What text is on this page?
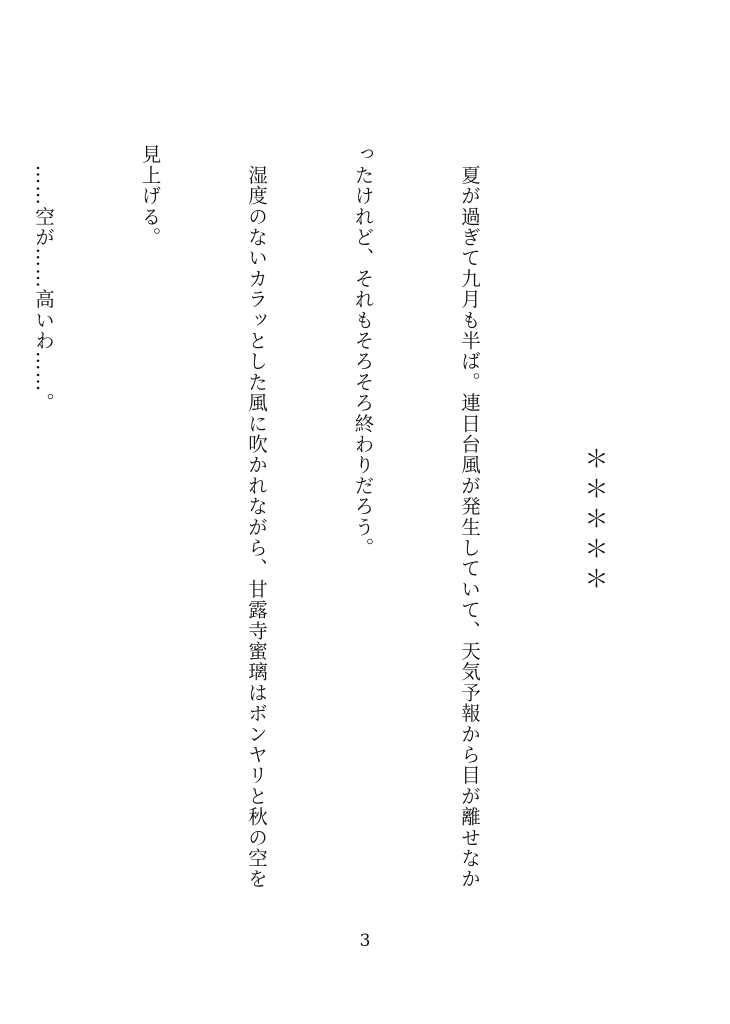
＊＊＊＊＊

　夏が過ぎて九月も半ば。連日台風が発生していて、天気予報から目が離せなか

ったけれど、それもそろそろ終わりだろう。

　湿度のないカラッとした風に吹かれながら、甘露寺蜜璃はボンヤリと秋の空を

見上げる。

　……空が……高いわ……。

3
